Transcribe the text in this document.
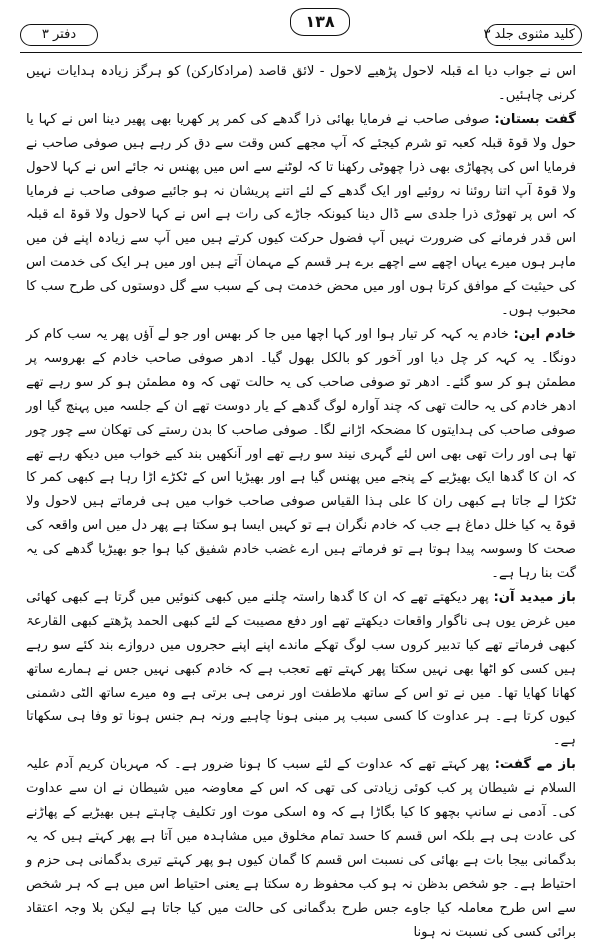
کلید مثنوی جلد ۳
۱۳۸
دفتر ۳

اس نے جواب دیا اے قبلہ لاحول پڑھیے لاحول - لائق قاصد (مرادکارکن) کو ہرگز زیادہ ہدایات نہیں کرنی چاہئیں۔

گفت بستان: صوفی صاحب نے فرمایا بھائی ذرا گدھے کی کمر پر کھریا بھی پھیر دینا اس نے کہا یا حول ولا قوۃ قبلہ کعبہ تو شرم کیجئے کہ آپ مجھے کس وقت سے دق کر رہے ہیں صوفی صاحب نے فرمایا اس کی پچھاڑی بھی ذرا چھوٹی رکھنا تا کہ لوٹنے سے اس میں پھنس نہ جائے اس نے کہا لاحول ولا قوۃ آپ اتنا روئنا نہ روئیے اور ایک گدھے کے لئے اتنے پریشان نہ ہو جائیے صوفی صاحب نے فرمایا کہ اس پر تھوڑی ذرا جلدی سے ڈال دینا کیونکہ جاڑے کی رات ہے اس نے کہا لاحول ولا قوۃ اے قبلہ اس قدر فرمانے کی ضرورت نہیں آپ فضول حرکت کیوں کرتے ہیں میں آپ سے زیادہ اپنے فن میں ماہر ہوں میرے یہاں اچھے سے اچھے برے ہر قسم کے مہمان آتے ہیں اور میں ہر ایک کی خدمت اس کی حیثیت کے موافق کرتا ہوں اور میں محض خدمت ہی کے سبب سے گل دوستوں کی طرح سب کا محبوب ہوں۔

خادم این: خادم یہ کہہ کر تیار ہوا اور کہا اچھا میں جا کر بھس اور جو لے آؤں پھر یہ سب کام کر دونگا۔ یہ کہہ کر چل دیا اور آخور کو بالکل بھول گیا۔ ادھر صوفی صاحب خادم کے بھروسہ پر مطمئن ہو کر سو گئے۔ ادھر تو صوفی صاحب کی یہ حالت تھی کہ وہ مطمئن ہو کر سو رہے تھے ادھر خادم کی یہ حالت تھی کہ چند آوارہ لوگ گدھے کے یار دوست تھے ان کے جلسہ میں پہنچ گیا اور صوفی صاحب کی ہدایتوں کا مضحکہ اڑانے لگا۔ صوفی صاحب کا بدن رستے کی تھکان سے چور چور تھا ہی اور رات تھی بھی اس لئے گہری نیند سو رہے تھے اور آنکھیں بند کیے خواب میں دیکھ رہے تھے کہ ان کا گدھا ایک بھیڑیے کے پنجے میں پھنس گیا ہے اور بھیڑیا اس کے ٹکڑے اڑا رہا ہے کبھی کمر کا ٹکڑا لے جاتا ہے کبھی ران کا علی ہذا القیاس صوفی صاحب خواب میں ہی فرماتے ہیں لاحول ولا قوۃ یہ کیا خلل دماغ ہے جب کہ خادم نگران ہے تو کہیں ایسا ہو سکتا ہے پھر دل میں اس واقعہ کی صحت کا وسوسہ پیدا ہوتا ہے تو فرماتے ہیں ارے غضب خادم شفیق کیا ہوا جو بھیڑیا گدھے کی یہ گت بنا رہا ہے۔

باز میدید آن: پھر دیکھتے تھے کہ ان کا گدھا راستہ چلنے میں کبھی کنوئیں میں گرتا ہے کبھی کھائی میں غرض یوں ہی ناگوار واقعات دیکھتے تھے اور دفع مصیبت کے لئے کبھی الحمد پڑھتے کبھی القارعۃ کبھی فرماتے تھے کیا تدبیر کروں سب لوگ تھکے ماندے اپنے اپنے حجروں میں دروازے بند کئے سو رہے ہیں کسی کو اٹھا بھی نہیں سکتا پھر کہتے تھے تعجب ہے کہ خادم کبھی نہیں جس نے ہمارے ساتھ کھانا کھایا تھا۔ میں نے تو اس کے ساتھ ملاطفت اور نرمی ہی برتی ہے وہ میرے ساتھ الٹی دشمنی کیوں کرتا ہے۔ ہر عداوت کا کسی سبب پر مبنی ہونا چاہیے ورنہ ہم جنس ہونا تو وفا ہی سکھاتا ہے۔

باز مے گفت: پھر کہتے تھے کہ عداوت کے لئے سبب کا ہونا ضرور ہے۔ کہ مہربان کریم آدم علیہ السلام نے شیطان پر کب کوئی زیادتی کی تھی کہ اس کے معاوضہ میں شیطان نے ان سے عداوت کی۔ آدمی نے سانپ بچھو کا کیا بگاڑا ہے کہ وہ اسکی موت اور تکلیف چاہتے ہیں بھیڑیے کے پھاڑنے کی عادت ہی ہے بلکہ اس قسم کا حسد تمام مخلوق میں مشاہدہ میں آتا ہے پھر کہتے ہیں کہ یہ بدگمانی بیجا بات ہے بھائی کی نسبت اس قسم کا گمان کیوں ہو پھر کہتے تیری بدگمانی ہی حزم و احتیاط ہے۔ جو شخص بدظن نہ ہو کب محفوظ رہ سکتا ہے یعنی احتیاط اس میں ہے کہ ہر شخص سے اس طرح معاملہ کیا جاوے جس طرح بدگمانی کی حالت میں کیا جاتا ہے لیکن بلا وجہ اعتقاد برائی کسی کی نسبت نہ ہونا
